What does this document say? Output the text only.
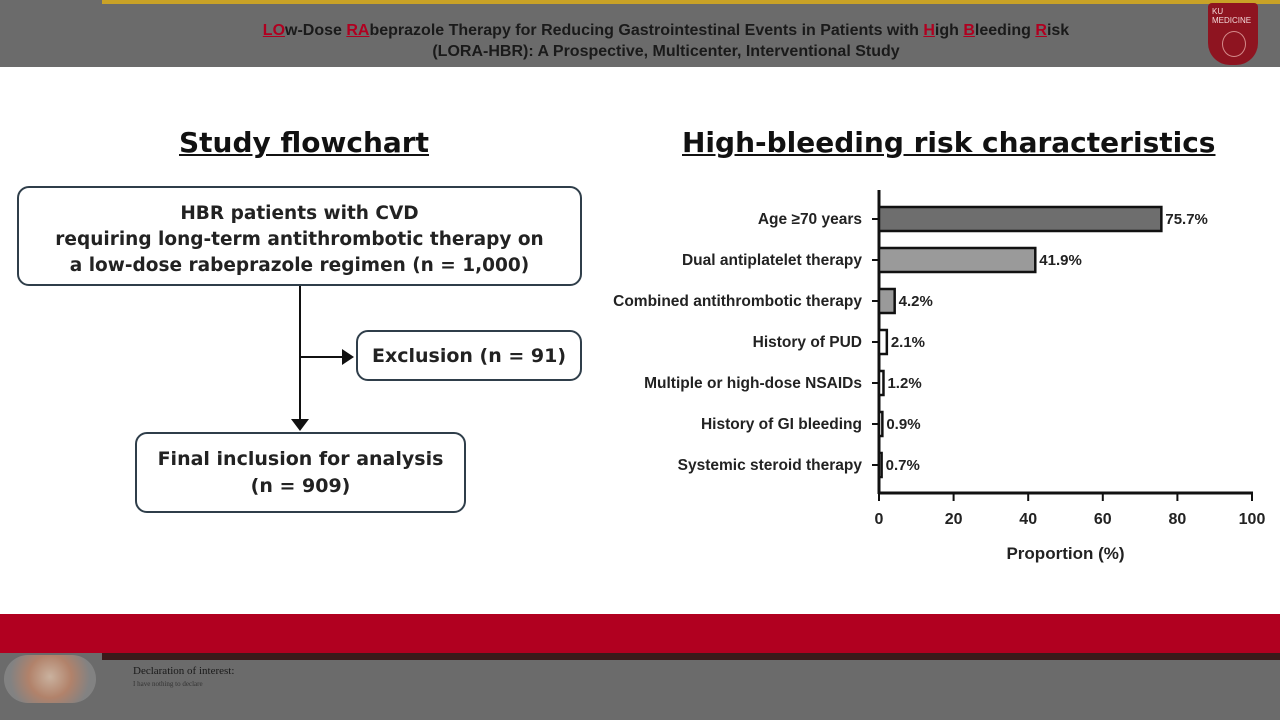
LOw-Dose RAbeprazole Therapy for Reducing Gastrointestinal Events in Patients with High Bleeding Risk
(LORA-HBR): A Prospective, Multicenter, Interventional Study
KU MEDICINE
Study flowchart	High-bleeding risk characteristics
HBR patients with CVD
requiring long-term antithrombotic therapy on
a low-dose rabeprazole regimen (n = 1,000)
Exclusion (n = 91)
Final inclusion for analysis
(n = 909)
Age ≥70 years	75.7%
Dual antiplatelet therapy	41.9%
Combined antithrombotic therapy 4.2%
History of PUD 2.1%
Multiple or high-dose NSAIDs 1.2%
History of GI bleeding 0.9%
Systemic steroid therapy 0.7%
0	20	40	60	80	100
Proportion (%)
Declaration of interest:
I have nothing to declare
